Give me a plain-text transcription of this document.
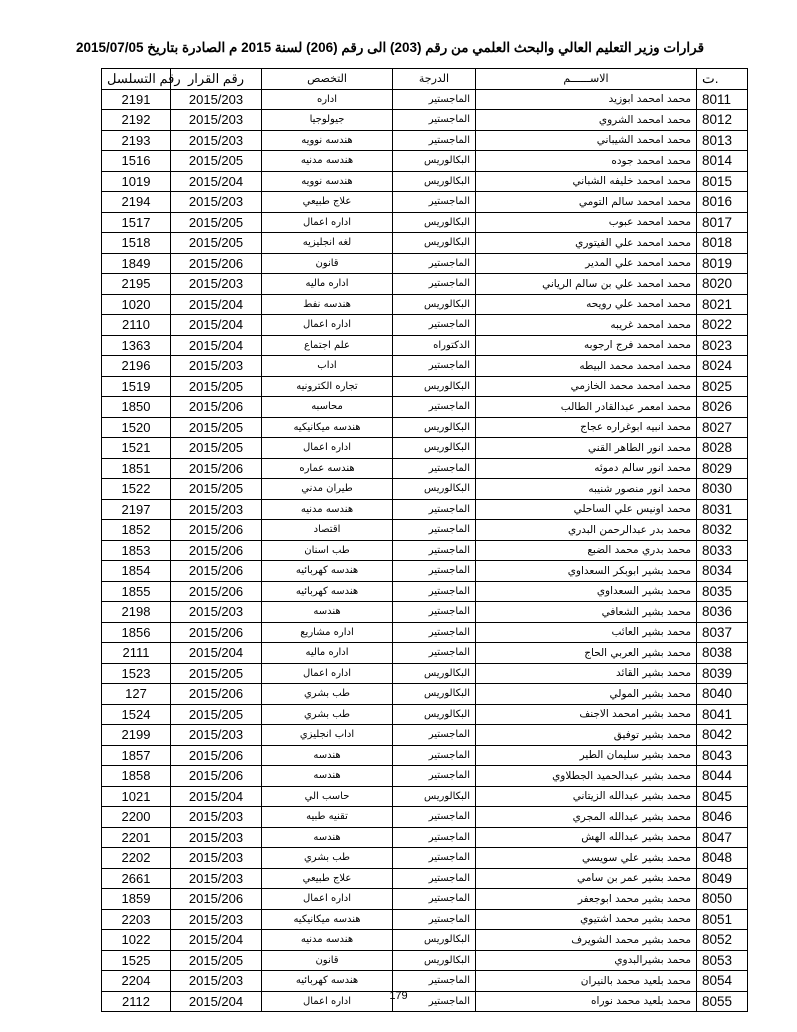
قرارات وزير التعليم العالي والبحث العلمي من رقم (203) الى رقم (206) لسنة 2015 م الصادرة بتاريخ 2015/07/05
رقم التسلسل	رقم القرار	التخصص	الدرجة	الاســــــم	ت.
2191	2015/203	اداره	الماجستير	محمد امحمد ابوزيد	8011
2192	2015/203	جيولوجيا	الماجستير	محمد امحمد الشروي	8012
2193	2015/203	هندسه نوويه	الماجستير	محمد امحمد الشيباني	8013
1516	2015/205	هندسه مدنيه	البكالوريس	محمد امحمد جوده	8014
1019	2015/204	هندسه نوويه	البكالوريس	محمد امحمد خليفه الشباني	8015
2194	2015/203	علاج طبيعي	الماجستير	محمد امحمد سالم التومي	8016
1517	2015/205	اداره اعمال	البكالوريس	محمد امحمد عبوب	8017
1518	2015/205	لغه انجليزيه	البكالوريس	محمد امحمد علي الفيتوري	8018
1849	2015/206	قانون	الماجستير	محمد امحمد علي المدير	8019
2195	2015/203	اداره ماليه	الماجستير	محمد امحمد علي بن سالم الرياني	8020
1020	2015/204	هندسه نفط	البكالوريس	محمد امحمد علي رويحه	8021
2110	2015/204	اداره اعمال	الماجستير	محمد امحمد غريبه	8022
1363	2015/204	علم اجتماع	الدكتوراه	محمد امحمد فرج ارجوبه	8023
2196	2015/203	اداب	الماجستير	محمد امحمد محمد البيطه	8024
1519	2015/205	تجاره الكترونيه	البكالوريس	محمد امحمد محمد الخازمي	8025
1850	2015/206	محاسبه	الماجستير	محمد امعمر عبدالقادر الطالب	8026
1520	2015/205	هندسه ميكانيكيه	البكالوريس	محمد انبيه ابوغراره عجاج	8027
1521	2015/205	اداره اعمال	البكالوريس	محمد انور الطاهر القني	8028
1851	2015/206	هندسه عماره	الماجستير	محمد انور سالم دموئه	8029
1522	2015/205	طيران مدني	البكالوريس	محمد انور منصور شنيبه	8030
2197	2015/203	هندسه مدنيه	الماجستير	محمد اونيس علي الساحلي	8031
1852	2015/206	اقتصاد	الماجستير	محمد بدر عبدالرحمن البدري	8032
1853	2015/206	طب اسنان	الماجستير	محمد بدري محمد الضبع	8033
1854	2015/206	هندسه كهربائيه	الماجستير	محمد بشير ابوبكر السعداوي	8034
1855	2015/206	هندسه كهربائيه	الماجستير	محمد بشير السعداوي	8035
2198	2015/203	هندسه	الماجستير	محمد بشير الشعافي	8036
1856	2015/206	اداره مشاريع	الماجستير	محمد بشير العائب	8037
2111	2015/204	اداره ماليه	الماجستير	محمد بشير العربي الحاج	8038
1523	2015/205	اداره اعمال	البكالوريس	محمد بشير القائد	8039
127	2015/206	طب بشري	البكالوريس	محمد بشير المولي	8040
1524	2015/205	طب بشري	البكالوريس	محمد بشير امحمد الاجنف	8041
2199	2015/203	اداب انجليزي	الماجستير	محمد بشير توفيق	8042
1857	2015/206	هندسه	الماجستير	محمد بشير سليمان الطير	8043
1858	2015/206	هندسه	الماجستير	محمد بشير عبدالحميد الجطلاوي	8044
1021	2015/204	حاسب الي	البكالوريس	محمد بشير عبدالله الزيتاني	8045
2200	2015/203	تقنيه طبيه	الماجستير	محمد بشير عبدالله المجري	8046
2201	2015/203	هندسه	الماجستير	محمد بشير عبدالله الهش	8047
2202	2015/203	طب بشري	الماجستير	محمد بشير علي سويسي	8048
2661	2015/203	علاج طبيعي	الماجستير	محمد بشير عمر بن سامي	8049
1859	2015/206	اداره اعمال	الماجستير	محمد بشير محمد ابوجعفر	8050
2203	2015/203	هندسه ميكانيكيه	الماجستير	محمد بشير محمد اشتيوي	8051
1022	2015/204	هندسه مدنيه	البكالوريس	محمد بشير محمد الشويرف	8052
1525	2015/205	قانون	البكالوريس	محمد بشيرالبدوي	8053
2204	2015/203	هندسه كهربائيه	الماجستير	محمد بلعيد محمد بالنيران	8054
2112	2015/204	اداره اعمال	الماجستير	محمد بلعيد محمد نوراه	8055
179
